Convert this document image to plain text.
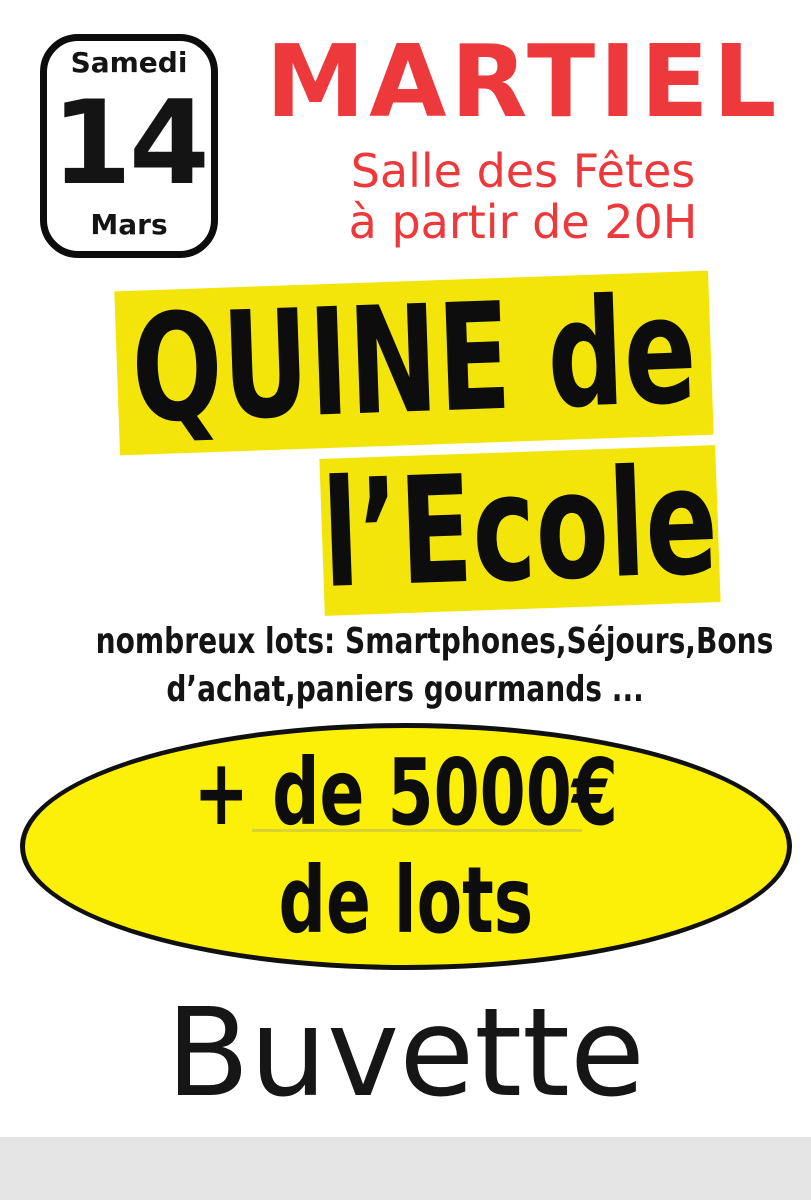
Samedi
14
Mars
MARTIEL
Salle des Fêtes
à partir de 20H
QUINE de
l’Ecole
nombreux lots: Smartphones,Séjours,Bons
d’achat,paniers gourmands ...
+ de 5000€
de lots
Buvette
